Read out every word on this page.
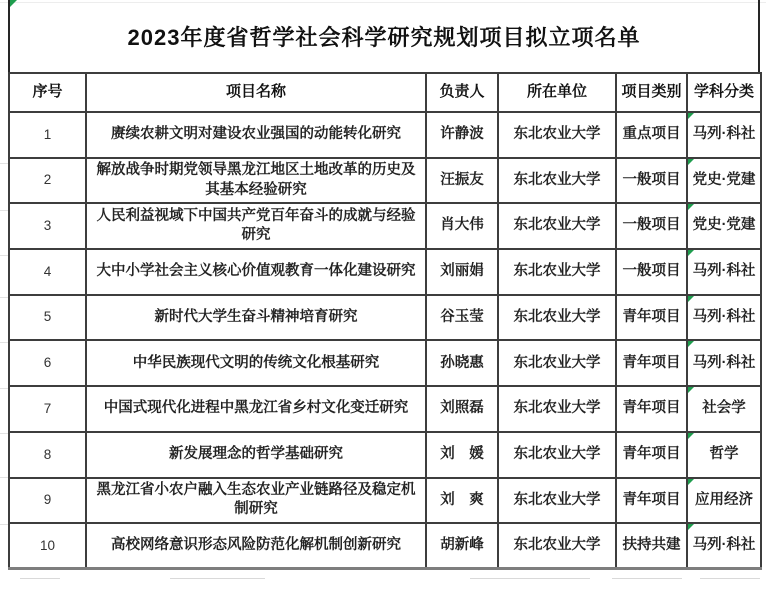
2023年度省哲学社会科学研究规划项目拟立项名单
序号	项目名称	负责人	所在单位	项目类别	学科分类
1	赓续农耕文明对建设农业强国的动能转化研究	许静波	东北农业大学	重点项目	马列·科社
2	解放战争时期党领导黑龙江地区土地改革的历史及其基本经验研究	汪振友	东北农业大学	一般项目	党史·党建
3	人民利益视域下中国共产党百年奋斗的成就与经验研究	肖大伟	东北农业大学	一般项目	党史·党建
4	大中小学社会主义核心价值观教育一体化建设研究	刘丽娟	东北农业大学	一般项目	马列·科社
5	新时代大学生奋斗精神培育研究	谷玉莹	东北农业大学	青年项目	马列·科社
6	中华民族现代文明的传统文化根基研究	孙晓惠	东北农业大学	青年项目	马列·科社
7	中国式现代化进程中黑龙江省乡村文化变迁研究	刘照磊	东北农业大学	青年项目	社会学
8	新发展理念的哲学基础研究	刘　媛	东北农业大学	青年项目	哲学
9	黑龙江省小农户融入生态农业产业链路径及稳定机制研究	刘　爽	东北农业大学	青年项目	应用经济
10	高校网络意识形态风险防范化解机制创新研究	胡新峰	东北农业大学	扶持共建	马列·科社
